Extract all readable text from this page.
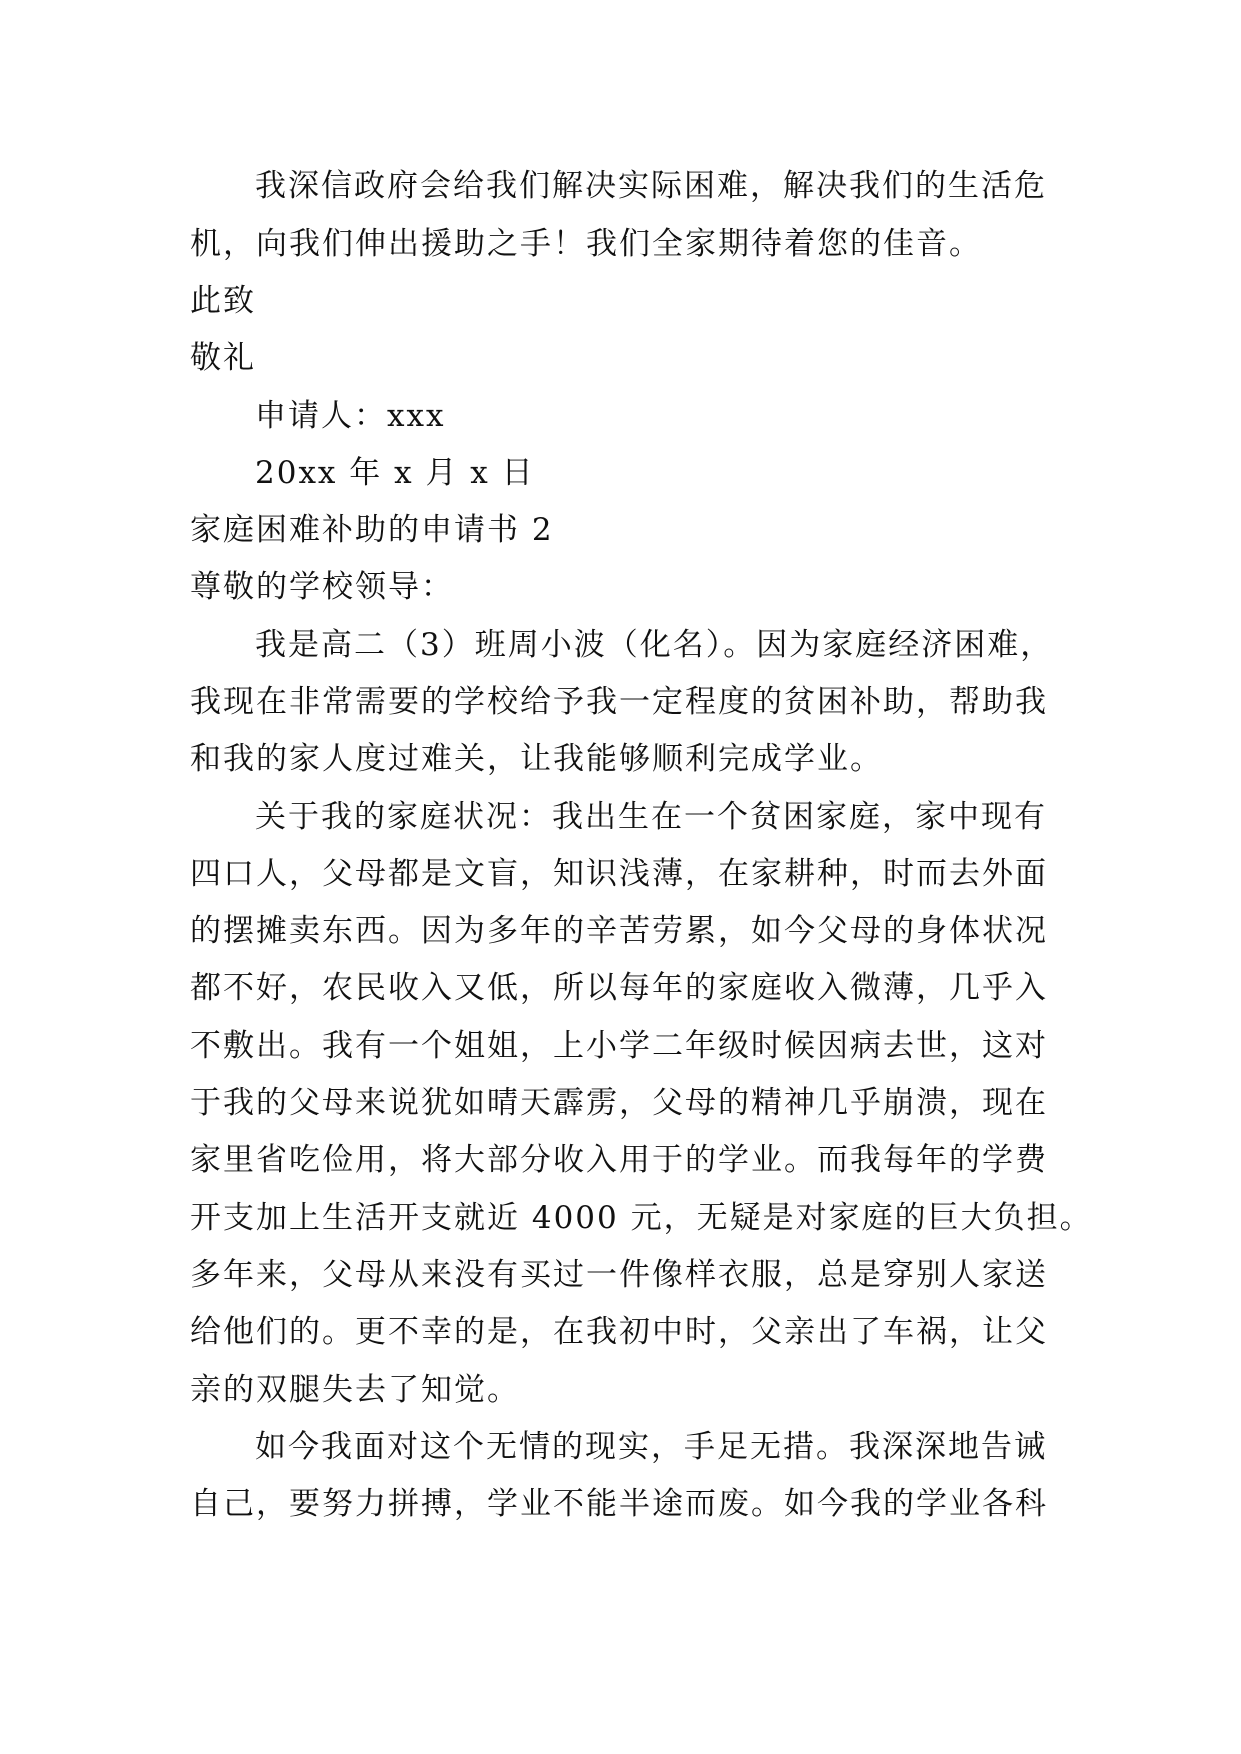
我深信政府会给我们解决实际困难，解决我们的生活危
机，向我们伸出援助之手！我们全家期待着您的佳音。
此致
敬礼
申请人：xxx
20xx 年 x 月 x 日
家庭困难补助的申请书 2
尊敬的学校领导：
我是高二（3）班周小波（化名）。因为家庭经济困难，
我现在非常需要的学校给予我一定程度的贫困补助，帮助我
和我的家人度过难关，让我能够顺利完成学业。
关于我的家庭状况：我出生在一个贫困家庭，家中现有
四口人，父母都是文盲，知识浅薄，在家耕种，时而去外面
的摆摊卖东西。因为多年的辛苦劳累，如今父母的身体状况
都不好，农民收入又低，所以每年的家庭收入微薄，几乎入
不敷出。我有一个姐姐，上小学二年级时候因病去世，这对
于我的父母来说犹如晴天霹雳，父母的精神几乎崩溃，现在
家里省吃俭用，将大部分收入用于的学业。而我每年的学费
开支加上生活开支就近 4000 元，无疑是对家庭的巨大负担。
多年来，父母从来没有买过一件像样衣服，总是穿别人家送
给他们的。更不幸的是，在我初中时，父亲出了车祸，让父
亲的双腿失去了知觉。
如今我面对这个无情的现实，手足无措。我深深地告诫
自己，要努力拼搏，学业不能半途而废。如今我的学业各科
